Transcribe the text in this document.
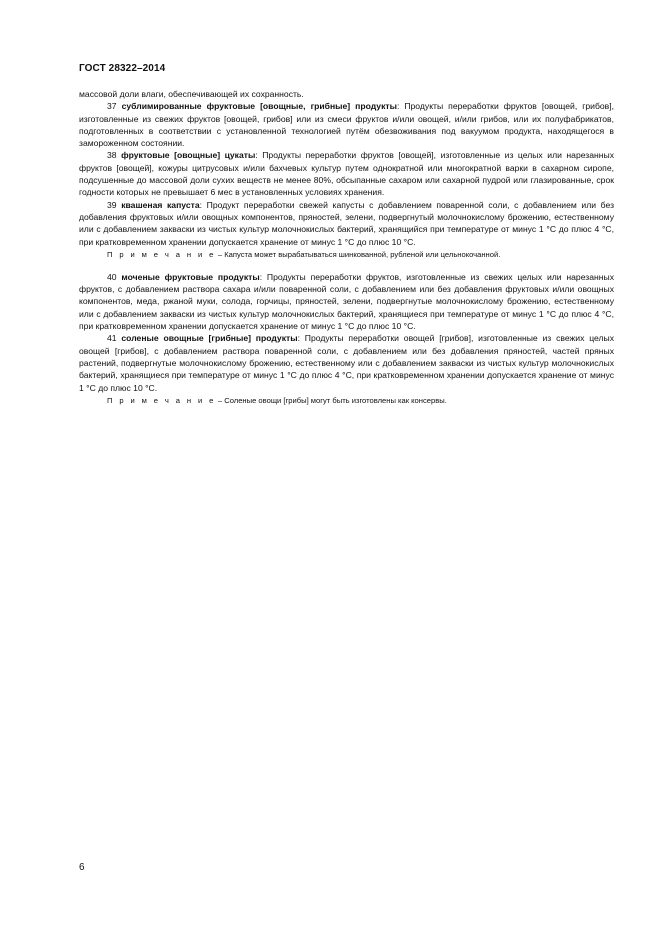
ГОСТ 28322–2014

массовой доли влаги, обеспечивающей их сохранность.

37 сублимированные фруктовые [овощные, грибные] продукты: Продукты переработки фруктов [овощей, грибов], изготовленные из свежих фруктов [овощей, грибов] или из смеси фруктов и/или овощей, и/или грибов, или их полуфабрикатов, подготовленных в соответствии с установленной технологией путём обезвоживания под вакуумом продукта, находящегося в замороженном состоянии.

38 фруктовые [овощные] цукаты: Продукты переработки фруктов [овощей], изготовленные из целых или нарезанных фруктов [овощей], кожуры цитрусовых и/или бахчевых культур путем однократной или многократной варки в сахарном сиропе, подсушенные до массовой доли сухих веществ не менее 80%, обсыпанные сахаром или сахарной пудрой или глазированные, срок годности которых не превышает 6 мес в установленных условиях хранения.

39 квашеная капуста: Продукт переработки свежей капусты с добавлением поваренной соли, с добавлением или без добавления фруктовых и/или овощных компонентов, пряностей, зелени, подвергнутый молочнокислому брожению, естественному или с добавлением закваски из чистых культур молочнокислых бактерий, хранящийся при температуре от минус 1 °С до плюс 4 °С, при кратковременном хранении допускается хранение от минус 1 °С до плюс 10 °С.

П р и м е ч а н и е – Капуста может вырабатываться шинкованной, рубленой или цельнокочанной.

40 моченые фруктовые продукты: Продукты переработки фруктов, изготовленные из свежих целых или нарезанных фруктов, с добавлением раствора сахара и/или поваренной соли, с добавлением или без добавления фруктовых и/или овощных компонентов, меда, ржаной муки, солода, горчицы, пряностей, зелени, подвергнутые молочнокислому брожению, естественному или с добавлением закваски из чистых культур молочнокислых бактерий, хранящиеся при температуре от минус 1 °С до плюс 4 °С, при кратковременном хранении допускается хранение от минус 1 °С до плюс 10 °С.

41 соленые овощные [грибные] продукты: Продукты переработки овощей [грибов], изготовленные из свежих целых овощей [грибов], с добавлением раствора поваренной соли, с добавлением или без добавления пряностей, частей пряных растений, подвергнутые молочнокислому брожению, естественному или с добавлением закваски из чистых культур молочнокислых бактерий, хранящиеся при температуре от минус 1 °С до плюс 4 °С, при кратковременном хранении допускается хранение от минус 1 °С до плюс 10 °С.

П р и м е ч а н и е – Соленые овощи [грибы] могут быть изготовлены как консервы.

6
